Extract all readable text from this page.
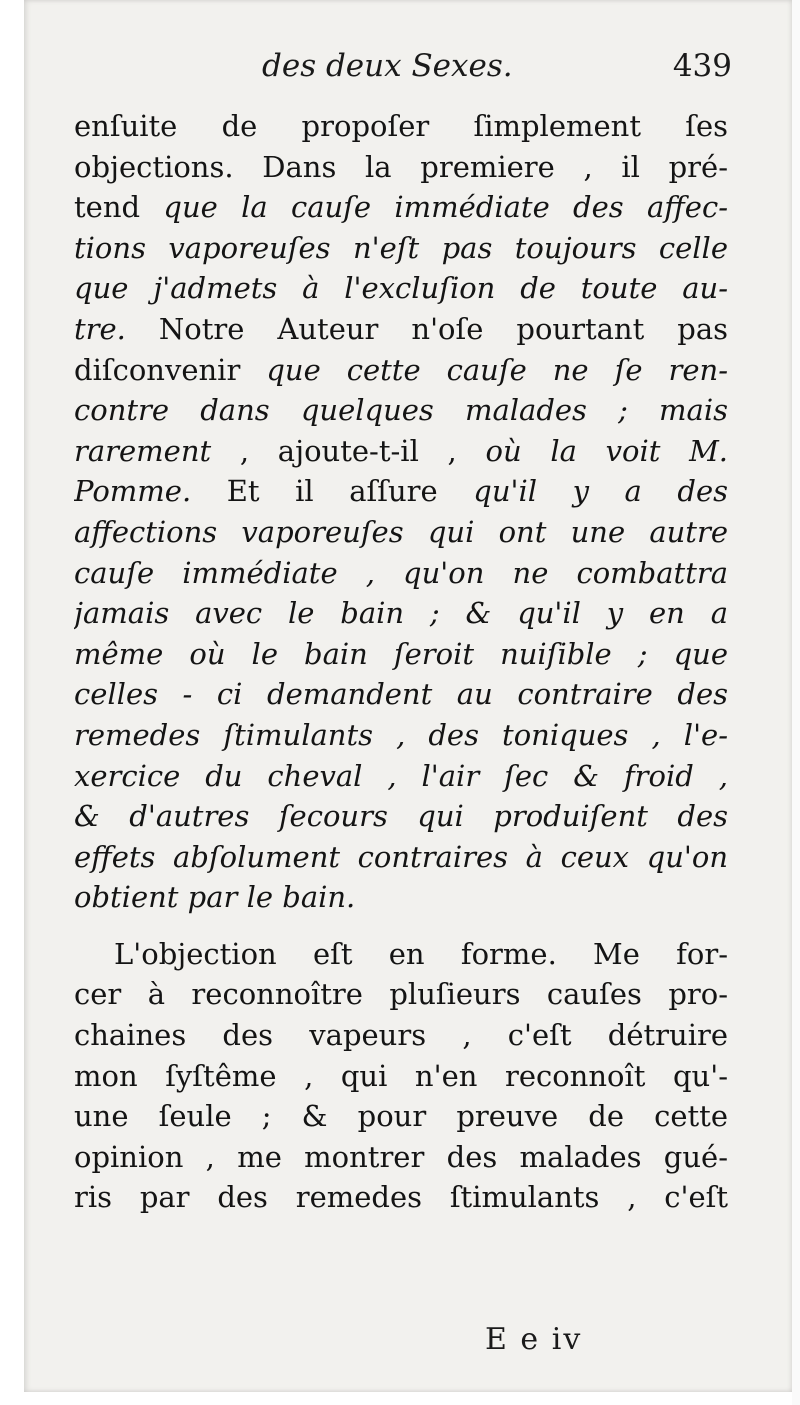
des deux Sexes.	439
enſuite de propoſer ſimplement ſes
objections. Dans la premiere , il pré-
tend que la cauſe immédiate des affec-
tions vaporeuſes n'eſt pas toujours celle
que j'admets à l'excluſion de toute au-
tre. Notre Auteur n'oſe pourtant pas
diſconvenir que cette cauſe ne ſe ren-
contre dans quelques malades ; mais
rarement , ajoute-t-il , où la voit M.
Pomme. Et il aſſure qu'il y a des
affections vaporeuſes qui ont une autre
cauſe immédiate , qu'on ne combattra
jamais avec le bain ; & qu'il y en a
même où le bain ſeroit nuiſible ; que
celles - ci demandent au contraire des
remedes ſtimulants , des toniques , l'e-
xercice du cheval , l'air ſec & froid ,
& d'autres ſecours qui produiſent des
effets abſolument contraires à ceux qu'on
obtient par le bain.
L'objection eſt en forme. Me for-
cer à reconnoître pluſieurs cauſes pro-
chaines des vapeurs , c'eſt détruire
mon ſyſtême , qui n'en reconnoît qu'-
une ſeule ; & pour preuve de cette
opinion , me montrer des malades gué-
ris par des remedes ſtimulants , c'eſt
E e iv
